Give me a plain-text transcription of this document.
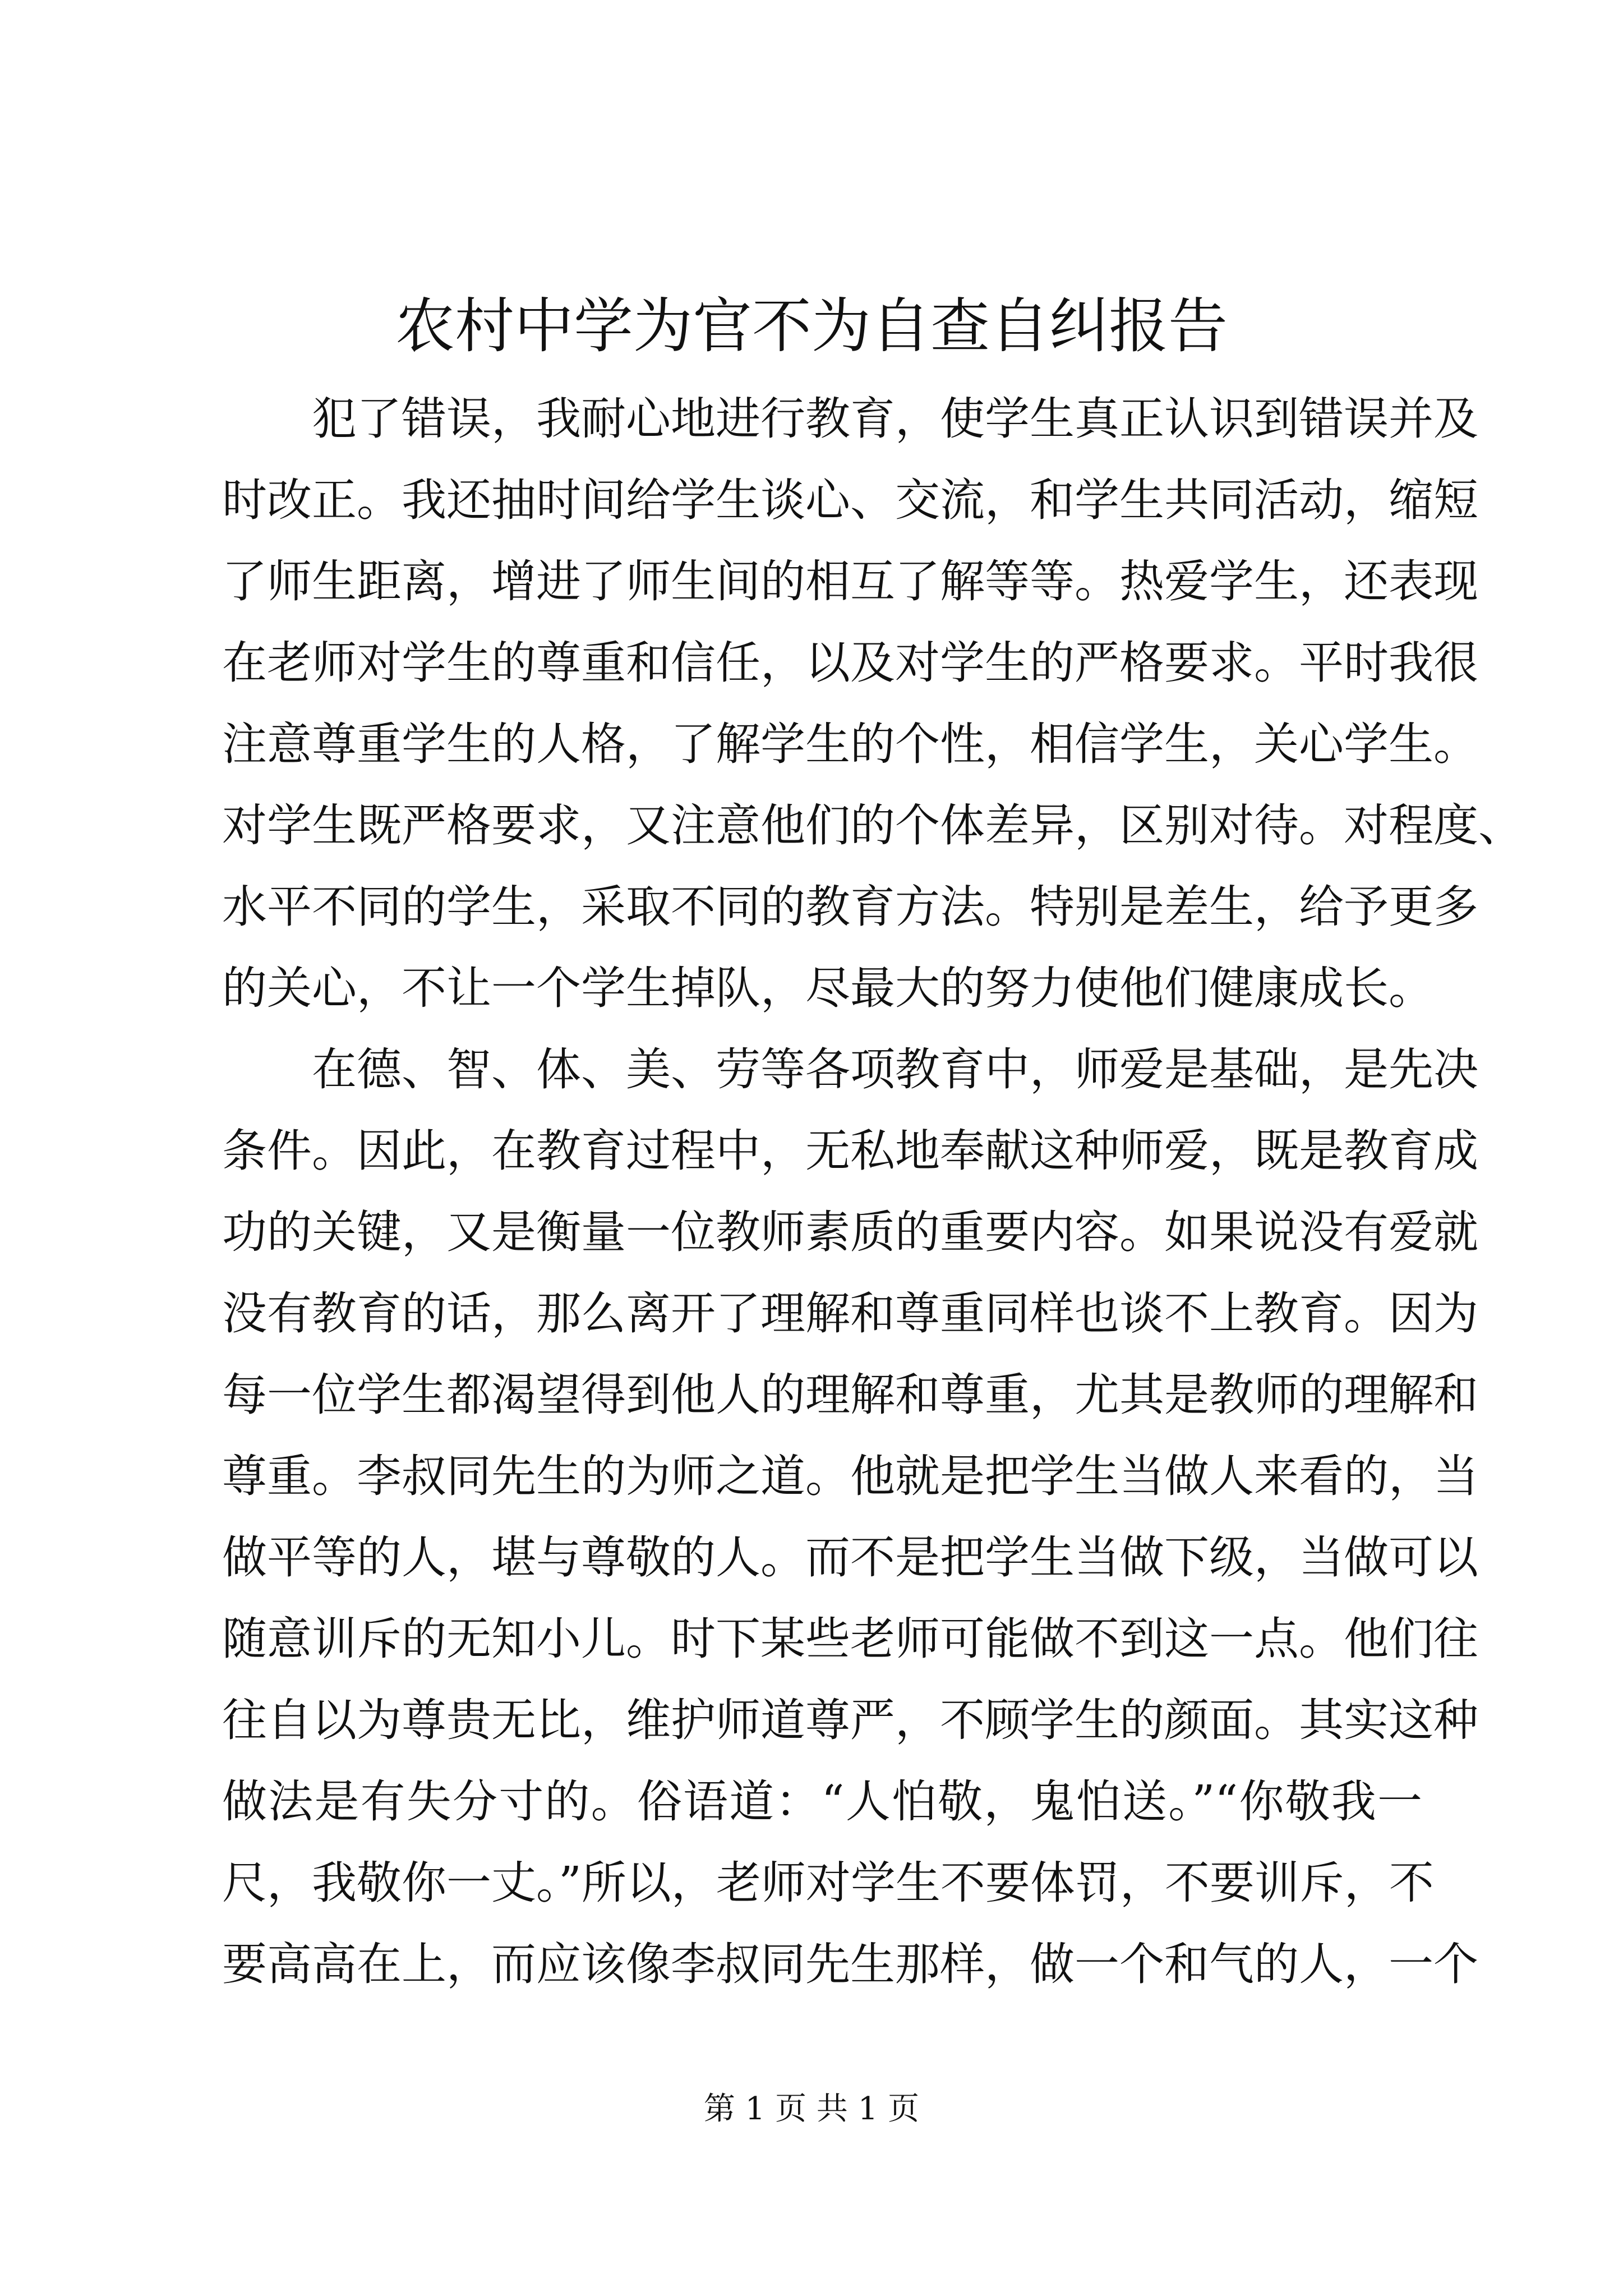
农村中学为官不为自查自纠报告
犯了错误，我耐心地进行教育，使学生真正认识到错误并及
时改正。我还抽时间给学生谈心、交流，和学生共同活动，缩短
了师生距离，增进了师生间的相互了解等等。热爱学生，还表现
在老师对学生的尊重和信任，以及对学生的严格要求。平时我很
注意尊重学生的人格，了解学生的个性，相信学生，关心学生。
对学生既严格要求，又注意他们的个体差异，区别对待。对程度、
水平不同的学生，采取不同的教育方法。特别是差生，给予更多
的关心，不让一个学生掉队，尽最大的努力使他们健康成长。
在德、智、体、美、劳等各项教育中，师爱是基础，是先决
条件。因此，在教育过程中，无私地奉献这种师爱，既是教育成
功的关键，又是衡量一位教师素质的重要内容。如果说没有爱就
没有教育的话，那么离开了理解和尊重同样也谈不上教育。因为
每一位学生都渴望得到他人的理解和尊重，尤其是教师的理解和
尊重。李叔同先生的为师之道。他就是把学生当做人来看的，当
做平等的人，堪与尊敬的人。而不是把学生当做下级，当做可以
随意训斥的无知小儿。时下某些老师可能做不到这一点。他们往
往自以为尊贵无比，维护师道尊严，不顾学生的颜面。其实这种
做法是有失分寸的。俗语道：“人怕敬，鬼怕送。”“你敬我一
尺，我敬你一丈。”所以，老师对学生不要体罚，不要训斥，不
要高高在上，而应该像李叔同先生那样，做一个和气的人，一个
第 1 页 共 1 页
